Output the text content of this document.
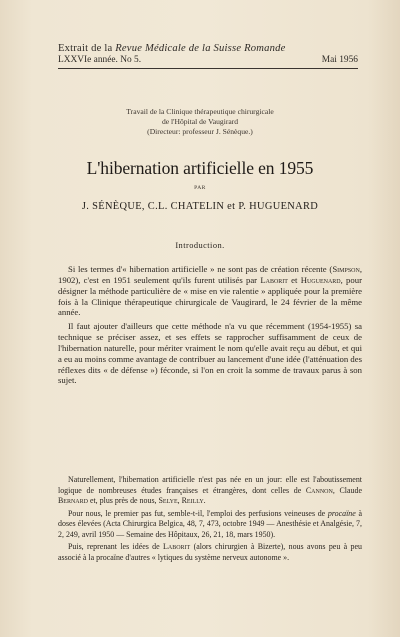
Extrait de la Revue Médicale de la Suisse Romande
LXXVIe année. No 5.	Mai 1956
Travail de la Clinique thérapeutique chirurgicale
de l'Hôpital de Vaugirard
(Directeur: professeur J. Sénèque.)
L'hibernation artificielle en 1955
PAR
J. SÉNÈQUE, C.L. CHATELIN et P. HUGUENARD
Introduction.

Si les termes d'« hibernation artificielle » ne sont pas de création récente (Simpson, 1902), c'est en 1951 seulement qu'ils furent utilisés par Laborit et Huguenard, pour désigner la méthode particulière de « mise en vie ralentie » appliquée pour la première fois à la Clinique thérapeutique chirurgicale de Vaugirard, le 24 février de la même année.

Il faut ajouter d'ailleurs que cette méthode n'a vu que récemment (1954-1955) sa technique se préciser assez, et ses effets se rapprocher suffisamment de ceux de l'hibernation naturelle, pour mériter vraiment le nom qu'elle avait reçu au début, et qui a eu au moins comme avantage de contribuer au lancement d'une idée (l'atténuation des réflexes dits « de défense ») féconde, si l'on en croit la somme de travaux parus à son sujet.

Naturellement, l'hibernation artificielle n'est pas née en un jour: elle est l'aboutissement logique de nombreuses études françaises et étrangères, dont celles de Cannon, Claude Bernard et, plus près de nous, Selye, Reilly.

Pour nous, le premier pas fut, semble-t-il, l'emploi des perfusions veineuses de procaïne à doses élevées (Acta Chirurgica Belgica, 48, 7, 473, octobre 1949 — Anesthésie et Analgésie, 7, 2, 249, avril 1950 — Semaine des Hôpitaux, 26, 21, 18, mars 1950).

Puis, reprenant les idées de Laborit (alors chirurgien à Bizerte), nous avons peu à peu associé à la procaïne d'autres « lytiques du système nerveux autonome ».
